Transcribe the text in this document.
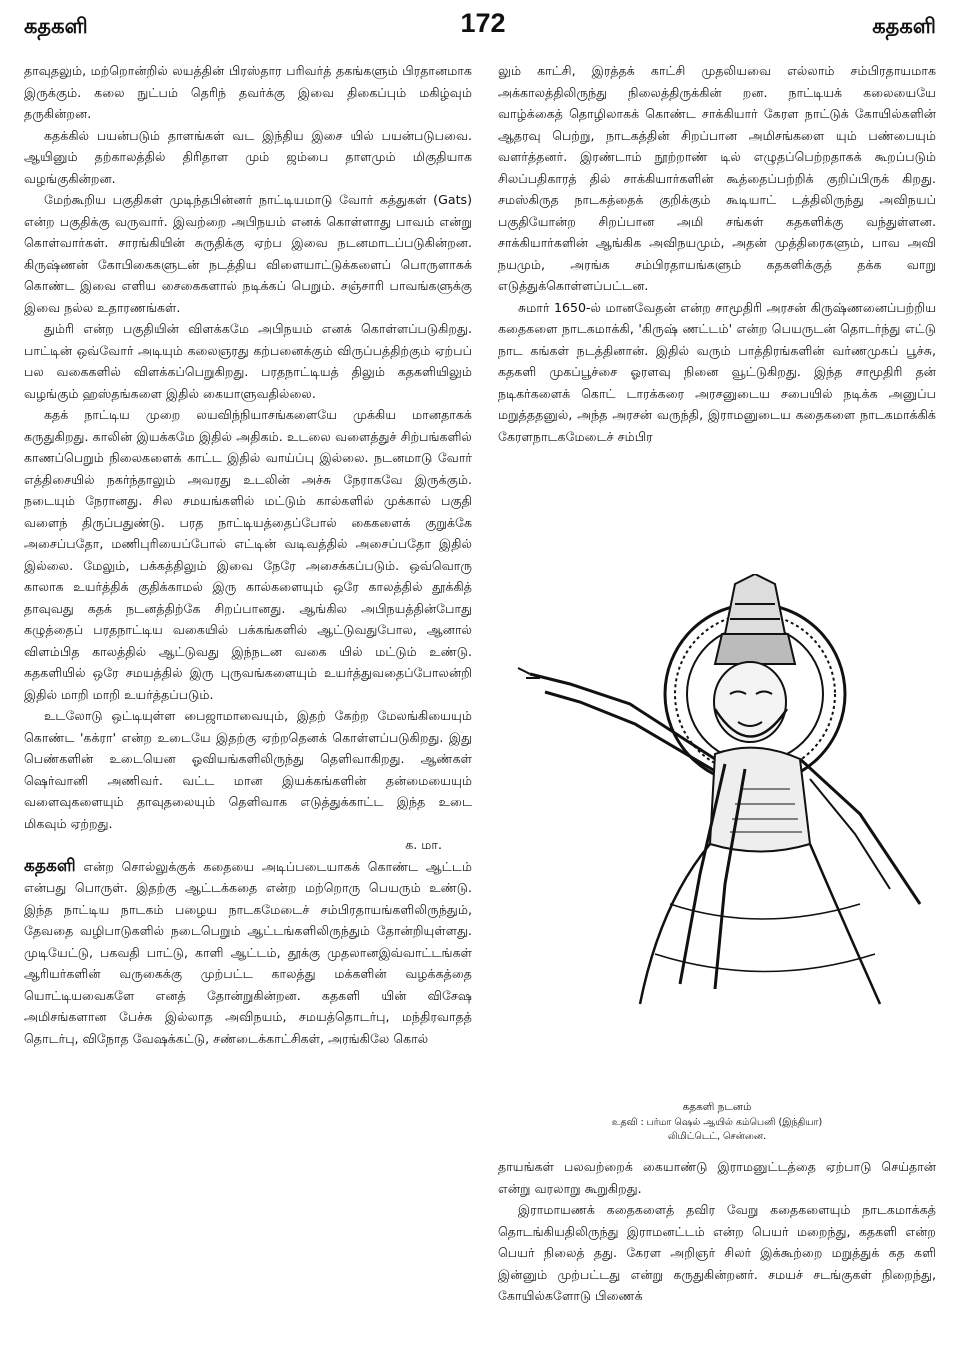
கதகளி	172	கதகளி

தாவுதலும், மற்றொன்றில் லயத்தின் பிரஸ்தார பரிவர்த் தகங்களும் பிரதானமாக இருக்கும். கலை நுட்பம் தெரிந் தவர்க்கு இவை திகைப்பும் மகிழ்வும் தருகின்றன.

கதக்கில் பயன்படும் தாளங்கள் வட இந்திய இசை யில் பயன்படுபவை. ஆயினும் தற்காலத்தில் திரிதாள மும் ஜம்பை தாளமும் மிகுதியாக வழங்குகின்றன.

மேற்கூறிய பகுதிகள் முடிந்தபின்னர் நாட்டியமாடு வோர் கத்துகள் (Gats) என்ற பகுதிக்கு வருவார். இவற்றை அபிநயம் எனக் கொள்ளாது பாவம் என்று கொள்வார்கள். சாரங்கியின் சுருதிக்கு ஏற்ப இவை நடனமாடப்படுகின்றன. கிருஷ்ணன் கோபிகைகளுடன் நடத்திய விளையாட்டுக்களைப் பொருளாகக் கொண்ட இவை எளிய சைகைகளால் நடிக்கப் பெறும். சஞ்சாரி பாவங்களுக்கு இவை நல்ல உதாரணங்கள்.

தும்ரி என்ற பகுதியின் விளக்கமே அபிநயம் எனக் கொள்ளப்படுகிறது. பாட்டின் ஒவ்வோர் அடியும் கலைஞரது கற்பனைக்கும் விருப்பத்திற்கும் ஏற்பப் பல வகைகளில் விளக்கப்பெறுகிறது. பரதநாட்டியத் திலும் கதகளியிலும் வழங்கும் ஹஸ்தங்களை இதில் கையாளுவதில்லை.

கதக் நாட்டிய முறை லயவிந்நியாசங்களையே முக்கிய மானதாகக் கருதுகிறது. காலின் இயக்கமே இதில் அதிகம். உடலை வளைத்துச் சிற்பங்களில் காணப்பெறும் நிலைகளைக் காட்ட இதில் வாய்ப்பு இல்லை. நடனமாடு வோர் எத்திசையில் நகர்ந்தாலும் அவரது உடலின் அச்சு நேராகவே இருக்கும். நடையும் நேரானது. சில சமயங்களில் மட்டும் கால்களில் முக்கால் பகுதி வளைந் திருப்பதுண்டு. பரத நாட்டியத்தைப்போல் கைகளைக் குறுக்கே அசைப்பதோ, மணிபுரியைப்போல் எட்டின் வடிவத்தில் அசைப்பதோ இதில் இல்லை. மேலும், பக்கத்திலும் இவை நேரே அசைக்கப்படும். ஒவ்வொரு காலாக உயர்த்திக் குதிக்காமல் இரு கால்களையும் ஒரே காலத்தில் தூக்கித் தாவுவது கதக் நடனத்திற்கே சிறப்பானது. ஆங்கில அபிநயத்தின்போது கழுத்தைப் பரதநாட்டிய வகையில் பக்கங்களில் ஆட்டுவதுபோல, ஆனால் விளம்பித காலத்தில் ஆட்டுவது இந்நடன வகை யில் மட்டும் உண்டு. கதகளியில் ஒரே சமயத்தில் இரு புருவங்களையும் உயர்த்துவதைப்போலன்றி இதில் மாறி மாறி உயர்த்தப்படும்.

உடலோடு ஒட்டியுள்ள பைஜாமாவையும், இதற் கேற்ற மேலங்கியையும் கொண்ட 'கக்ரா' என்ற உடையே இதற்கு ஏற்றதெனக் கொள்ளப்படுகிறது. இது பெண்களின் உடையென ஓவியங்களிலிருந்து தெளிவாகிறது. ஆண்கள் ஷெர்வானி அணிவர். வட்ட மான இயக்கங்களின் தன்மையையும் வளைவுகளையும் தாவுதலையும் தெளிவாக எடுத்துக்காட்ட இந்த உடை மிகவும் ஏற்றது.

க. மா.

கதகளி என்ற சொல்லுக்குக் கதையை அடிப்படையாகக் கொண்ட ஆட்டம் என்பது பொருள். இதற்கு ஆட்டக்கதை என்ற மற்றொரு பெயரும் உண்டு. இந்த நாட்டிய நாடகம் பழைய நாடகமேடைச் சம்பிரதாயங்களிலிருந்தும், தேவதை வழிபாடுகளில் நடைபெறும் ஆட்டங்களிலிருந்தும் தோன்றியுள்ளது. முடியேட்டு, பகவதி பாட்டு, காளி ஆட்டம், தூக்கு முதலானஇவ்வாட்டங்கள் ஆரியர்களின் வருகைக்கு முற்பட்ட காலத்து மக்களின் வழக்கத்தை யொட்டியவைகளே எனத் தோன்றுகின்றன. கதகளி யின் விசேஷ அமிசங்களான பேச்சு இல்லாத அவிநயம், சமயத்தொடர்பு, மந்திரவாதத் தொடர்பு, விநோத வேஷக்கட்டு, சண்டைக்காட்சிகள், அரங்கிலே கொல்

லும் காட்சி, இரத்தக் காட்சி முதலியவை எல்லாம் சம்பிரதாயமாக அக்காலத்திலிருந்து நிலைத்திருக்கின் றன. நாட்டியக் கலையையே வாழ்க்கைத் தொழிலாகக் கொண்ட சாக்கியார் கேரள நாட்டுக் கோயில்களின் ஆதரவு பெற்று, நாடகத்தின் சிறப்பான அமிசங்களை யும் பண்பையும் வளர்த்தனர். இரண்டாம் நூற்றாண் டில் எழுதப்பெற்றதாகக் கூறப்படும் சிலப்பதிகாரத் தில் சாக்கியார்களின் கூத்தைப்பற்றிக் குறிப்பிருக் கிறது. சமஸ்கிருத நாடகத்தைக் குறிக்கும் கூடியாட் டத்திலிருந்து அவிநயப் பகுதியோன்ற சிறப்பான அமி சங்கள் கதகளிக்கு வந்துள்ளன. சாக்கியார்களின் ஆங்கிக அவிநயமும், அதன் முத்திரைகளும், பாவ அவி நயமும், அரங்க சம்பிரதாயங்களும் கதகளிக்குத் தக்க வாறு எடுத்துக்கொள்ளப்பட்டன.

சுமார் 1650-ல் மானவேதன் என்ற சாமூதிரி அரசன் கிருஷ்ணனைப்பற்றிய கதைகளை நாடகமாக்கி, 'கிருஷ் ணட்டம்' என்ற பெயருடன் தொடர்ந்து எட்டு நாட கங்கள் நடத்தினான். இதில் வரும் பாத்திரங்களின் வர்ணமுகப் பூச்சு, கதகளி முகப்பூச்சை ஓரளவு நினை வூட்டுகிறது. இந்த சாமூதிரி தன் நடிகர்களைக் கொட் டாரக்கரை அரசனுடைய சபையில் நடிக்க அனுப்ப மறுத்ததனுல், அந்த அரசன் வருந்தி, இராமனுடைய கதைகளை நாடகமாக்கிக் கேரளநாடகமேடைச் சம்பிர

கதகளி நடனம்
உதவி : பர்மா ஷெல் ஆயில் கம்பெனி (இந்தியா)
லிமிட்டெட், சென்னை.

தாயங்கள் பலவற்றைக் கையாண்டு இராமனுட்டத்தை ஏற்பாடு செய்தான் என்று வரலாறு கூறுகிறது.

இராமாயணக் கதைகளைத் தவிர வேறு கதைகளையும் நாடகமாக்கத் தொடங்கியதிலிருந்து இராமனட்டம் என்ற பெயர் மறைந்து, கதகளி என்ற பெயர் நிலைத் தது. கேரள அறிஞர் சிலர் இக்கூற்றை மறுத்துக் கத களி இன்னும் முற்பட்டது என்று கருதுகின்றனர். சமயச் சடங்குகள் நிறைந்து, கோயில்களோடு பிணைக்
